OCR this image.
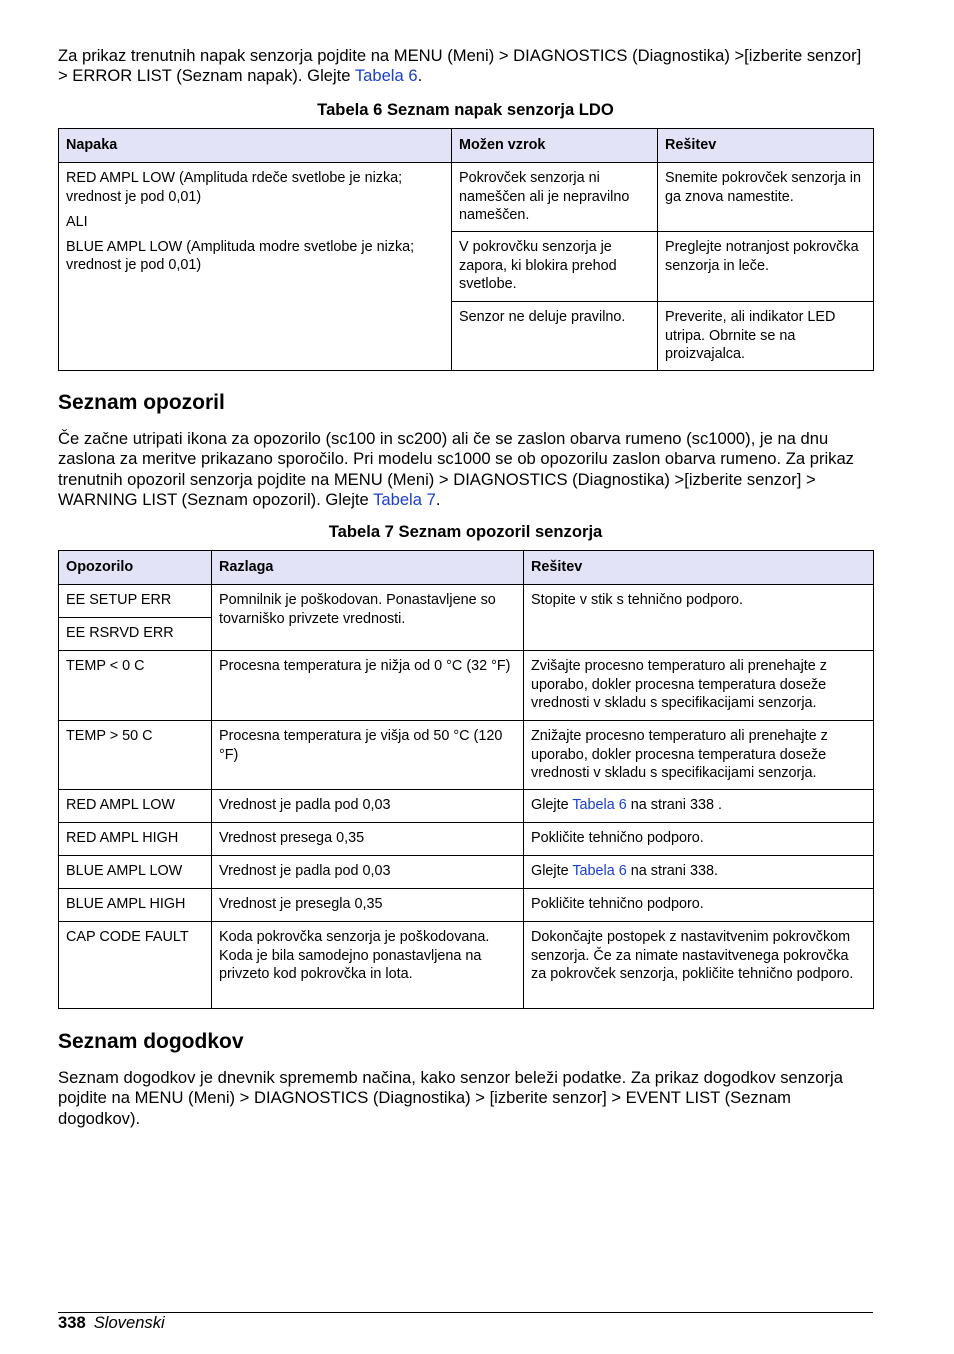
Za prikaz trenutnih napak senzorja pojdite na MENU (Meni) > DIAGNOSTICS (Diagnostika) >[izberite senzor] > ERROR LIST (Seznam napak). Glejte Tabela 6.

Tabela 6 Seznam napak senzorja LDO

Napaka	Možen vzrok	Rešitev

RED AMPL LOW (Amplituda rdeče svetlobe je nizka; vrednost je pod 0,01)

ALI

BLUE AMPL LOW (Amplituda modre svetlobe je nizka; vrednost je pod 0,01)	Pokrovček senzorja ni nameščen ali je nepravilno nameščen.	Snemite pokrovček senzorja in ga znova namestite.
	V pokrovčku senzorja je zapora, ki blokira prehod svetlobe.	Preglejte notranjost pokrovčka senzorja in leče.
	Senzor ne deluje pravilno.	Preverite, ali indikator LED utripa. Obrnite se na proizvajalca.
Seznam opozoril

Če začne utripati ikona za opozorilo (sc100 in sc200) ali če se zaslon obarva rumeno (sc1000), je na dnu zaslona za meritve prikazano sporočilo. Pri modelu sc1000 se ob opozorilu zaslon obarva rumeno. Za prikaz trenutnih opozoril senzorja pojdite na MENU (Meni) > DIAGNOSTICS (Diagnostika) >[izberite senzor] > WARNING LIST (Seznam opozoril). Glejte Tabela 7.

Tabela 7 Seznam opozoril senzorja

Opozorilo	Razlaga	Rešitev
EE SETUP ERR	Pomnilnik je poškodovan. Ponastavljene so tovarniško privzete vrednosti.	Stopite v stik s tehnično podporo.
EE RSRVD ERR		
TEMP < 0 C	Procesna temperatura je nižja od 0 °C (32 °F)	Zvišajte procesno temperaturo ali prenehajte z uporabo, dokler procesna temperatura doseže vrednosti v skladu s specifikacijami senzorja.
TEMP > 50 C	Procesna temperatura je višja od 50 °C (120 °F)	Znižajte procesno temperaturo ali prenehajte z uporabo, dokler procesna temperatura doseže vrednosti v skladu s specifikacijami senzorja.
RED AMPL LOW	Vrednost je padla pod 0,03	Glejte Tabela 6 na strani 338 .
RED AMPL HIGH	Vrednost presega 0,35	Pokličite tehnično podporo.
BLUE AMPL LOW	Vrednost je padla pod 0,03	Glejte Tabela 6 na strani 338.
BLUE AMPL HIGH	Vrednost je presegla 0,35	Pokličite tehnično podporo.
CAP CODE FAULT	Koda pokrovčka senzorja je poškodovana. Koda je bila samodejno ponastavljena na privzeto kod pokrovčka in lota.	Dokončajte postopek z nastavitvenim pokrovčkom senzorja. Če za nimate nastavitvenega pokrovčka za pokrovček senzorja, pokličite tehnično podporo.
Seznam dogodkov

Seznam dogodkov je dnevnik sprememb načina, kako senzor beleži podatke. Za prikaz dogodkov senzorja pojdite na MENU (Meni) > DIAGNOSTICS (Diagnostika) > [izberite senzor] > EVENT LIST (Seznam dogodkov).

338 Slovenski
